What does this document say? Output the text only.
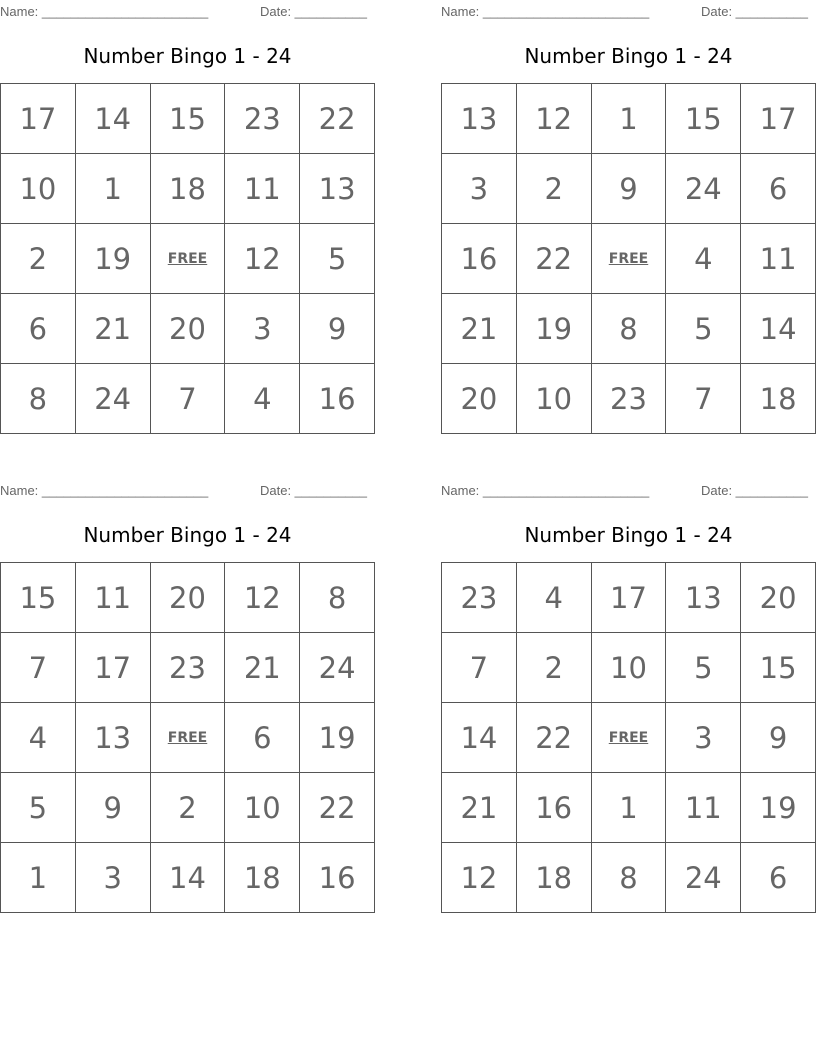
Name: _______________________	Date: __________
Number Bingo 1 - 24
17	14	15	23	22
10	1	18	11	13
2	19	FREE	12	5
6	21	20	3	9
8	24	7	4	16
Name: _______________________	Date: __________
Number Bingo 1 - 24
13	12	1	15	17
3	2	9	24	6
16	22	FREE	4	11
21	19	8	5	14
20	10	23	7	18
Name: _______________________	Date: __________
Number Bingo 1 - 24
15	11	20	12	8
7	17	23	21	24
4	13	FREE	6	19
5	9	2	10	22
1	3	14	18	16
Name: _______________________	Date: __________
Number Bingo 1 - 24
23	4	17	13	20
7	2	10	5	15
14	22	FREE	3	9
21	16	1	11	19
12	18	8	24	6
